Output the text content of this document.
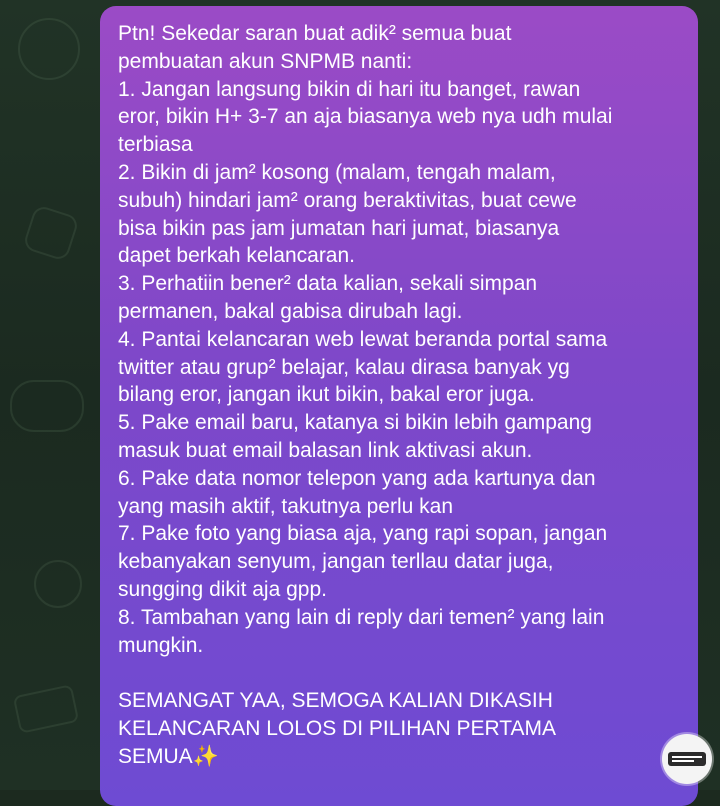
Ptn! Sekedar saran buat adik² semua buat
pembuatan akun SNPMB nanti:
1. Jangan langsung bikin di hari itu banget, rawan
eror, bikin H+ 3-7 an aja biasanya web nya udh mulai
terbiasa
2. Bikin di jam² kosong (malam, tengah malam,
subuh) hindari jam² orang beraktivitas, buat cewe
bisa bikin pas jam jumatan hari jumat, biasanya
dapet berkah kelancaran.
3. Perhatiin bener² data kalian, sekali simpan
permanen, bakal gabisa dirubah lagi.
4. Pantai kelancaran web lewat beranda portal sama
twitter atau grup² belajar, kalau dirasa banyak yg
bilang eror, jangan ikut bikin, bakal eror juga.
5. Pake email baru, katanya si bikin lebih gampang
masuk buat email balasan link aktivasi akun.
6. Pake data nomor telepon yang ada kartunya dan
yang masih aktif, takutnya perlu kan
7. Pake foto yang biasa aja, yang rapi sopan, jangan
kebanyakan senyum, jangan terllau datar juga,
sungging dikit aja gpp.
8. Tambahan yang lain di reply dari temen² yang lain
mungkin.
SEMANGAT YAA, SEMOGA KALIAN DIKASIH
KELANCARAN LOLOS DI PILIHAN PERTAMA
SEMUA✨
